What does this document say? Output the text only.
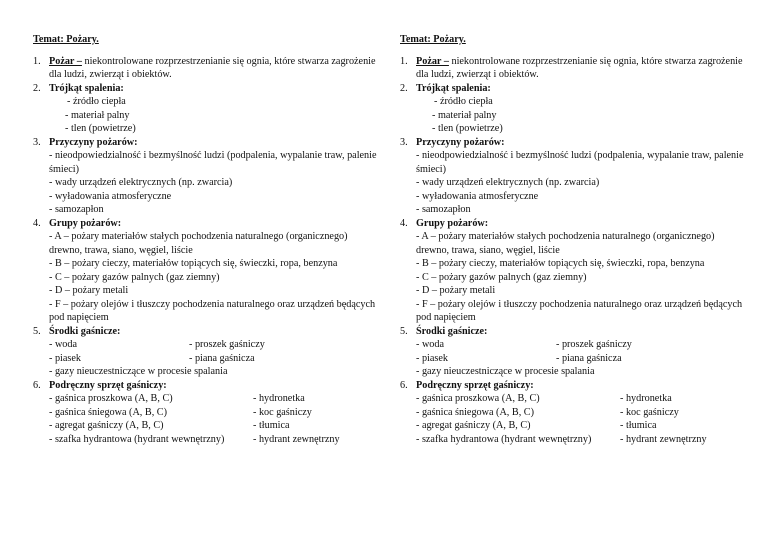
Temat: Pożary.
1. Pożar – niekontrolowane rozprzestrzenianie się ognia, które stwarza zagrożenie dla ludzi, zwierząt i obiektów.
2. Trójkąt spalenia:
- źródło ciepła
- materiał palny
- tlen (powietrze)
3. Przyczyny pożarów:
- nieodpowiedzialność i bezmyślność ludzi (podpalenia, wypalanie traw, palenie śmieci)
- wady urządzeń elektrycznych (np. zwarcia)
- wyładowania atmosferyczne
- samozapłon
4. Grupy pożarów:
- A – pożary materiałów stałych pochodzenia naturalnego (organicznego) drewno, trawa, siano, węgiel, liście
- B – pożary cieczy, materiałów topiących się, świeczki, ropa, benzyna
- C – pożary gazów palnych (gaz ziemny)
- D – pożary metali
- F – pożary olejów i tłuszczy pochodzenia naturalnego oraz urządzeń będących pod napięciem
5. Środki gaśnicze:
- woda	- proszek gaśniczy
- piasek	- piana gaśnicza
- gazy nieuczestniczące w procesie spalania
6. Podręczny sprzęt gaśniczy:
- gaśnica proszkowa (A, B, C)	- hydronetka
- gaśnica śniegowa (A, B, C)	- koc gaśniczy
- agregat gaśniczy (A, B, C)	- tłumica
- szafka hydrantowa (hydrant wewnętrzny)	- hydrant zewnętrzny
Temat: Pożary.
1. Pożar – niekontrolowane rozprzestrzenianie się ognia, które stwarza zagrożenie dla ludzi, zwierząt i obiektów.
2. Trójkąt spalenia:
- źródło ciepła
- materiał palny
- tlen (powietrze)
3. Przyczyny pożarów:
- nieodpowiedzialność i bezmyślność ludzi (podpalenia, wypalanie traw, palenie śmieci)
- wady urządzeń elektrycznych (np. zwarcia)
- wyładowania atmosferyczne
- samozapłon
4. Grupy pożarów:
- A – pożary materiałów stałych pochodzenia naturalnego (organicznego) drewno, trawa, siano, węgiel, liście
- B – pożary cieczy, materiałów topiących się, świeczki, ropa, benzyna
- C – pożary gazów palnych (gaz ziemny)
- D – pożary metali
- F – pożary olejów i tłuszczy pochodzenia naturalnego oraz urządzeń będących pod napięciem
5. Środki gaśnicze:
- woda	- proszek gaśniczy
- piasek	- piana gaśnicza
- gazy nieuczestniczące w procesie spalania
6. Podręczny sprzęt gaśniczy:
- gaśnica proszkowa (A, B, C)	- hydronetka
- gaśnica śniegowa (A, B, C)	- koc gaśniczy
- agregat gaśniczy (A, B, C)	- tłumica
- szafka hydrantowa (hydrant wewnętrzny)	- hydrant zewnętrzny
